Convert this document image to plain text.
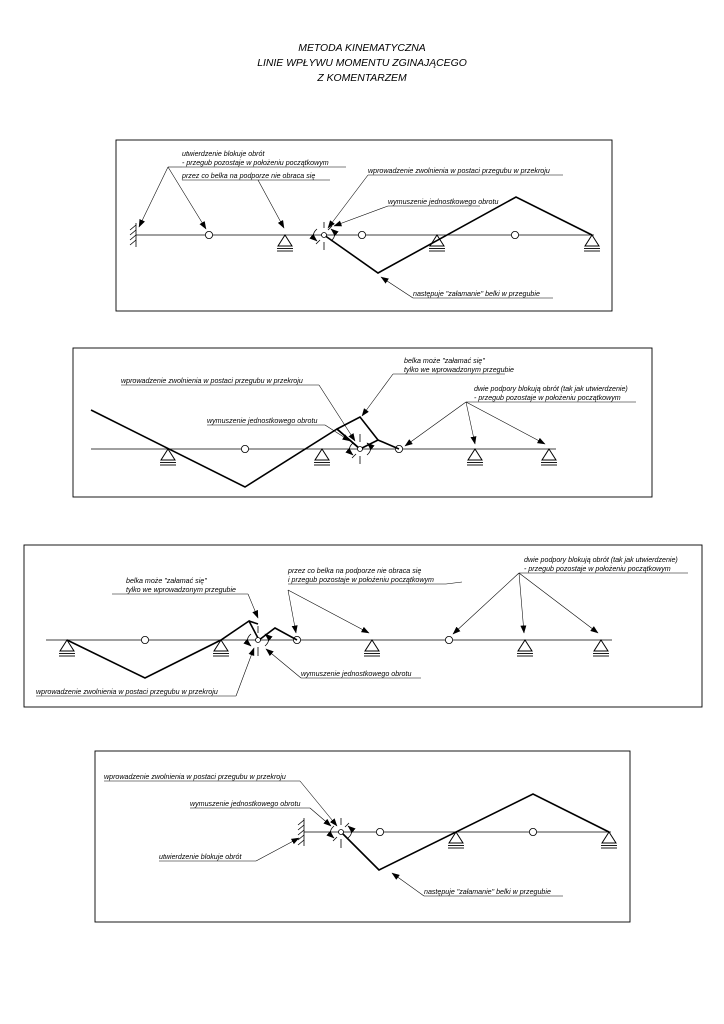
METODA KINEMATYCZNA
LINIE WPŁYWU MOMENTU ZGINAJĄCEGO
Z KOMENTARZEM
utwierdzenie blokuje obrót
- przegub pozostaje w położeniu początkowym
przez co belka na podporze nie obraca się
wprowadzenie zwolnienia w postaci przegubu w przekroju
wymuszenie jednostkowego obrotu
następuje "załamanie" belki w przegubie
belka może "załamać się"
tylko we wprowadzonym przegubie
wprowadzenie zwolnienia w postaci przegubu w przekroju
dwie podpory blokują obrót (tak jak utwierdzenie)
- przegub pozostaje w położeniu początkowym
wymuszenie jednostkowego obrotu
belka może "załamać się"
tylko we wprowadzonym przegubie
przez co belka na podporze nie obraca się
i przegub pozostaje w położeniu początkowym
dwie podpory blokują obrót (tak jak utwierdzenie)
- przegub pozostaje w położeniu początkowym
wymuszenie jednostkowego obrotu
wprowadzenie zwolnienia w postaci przegubu w przekroju
wprowadzenie zwolnienia w postaci przegubu w przekroju
wymuszenie jednostkowego obrotu
utwierdzenie blokuje obrót
następuje "załamanie" belki w przegubie
